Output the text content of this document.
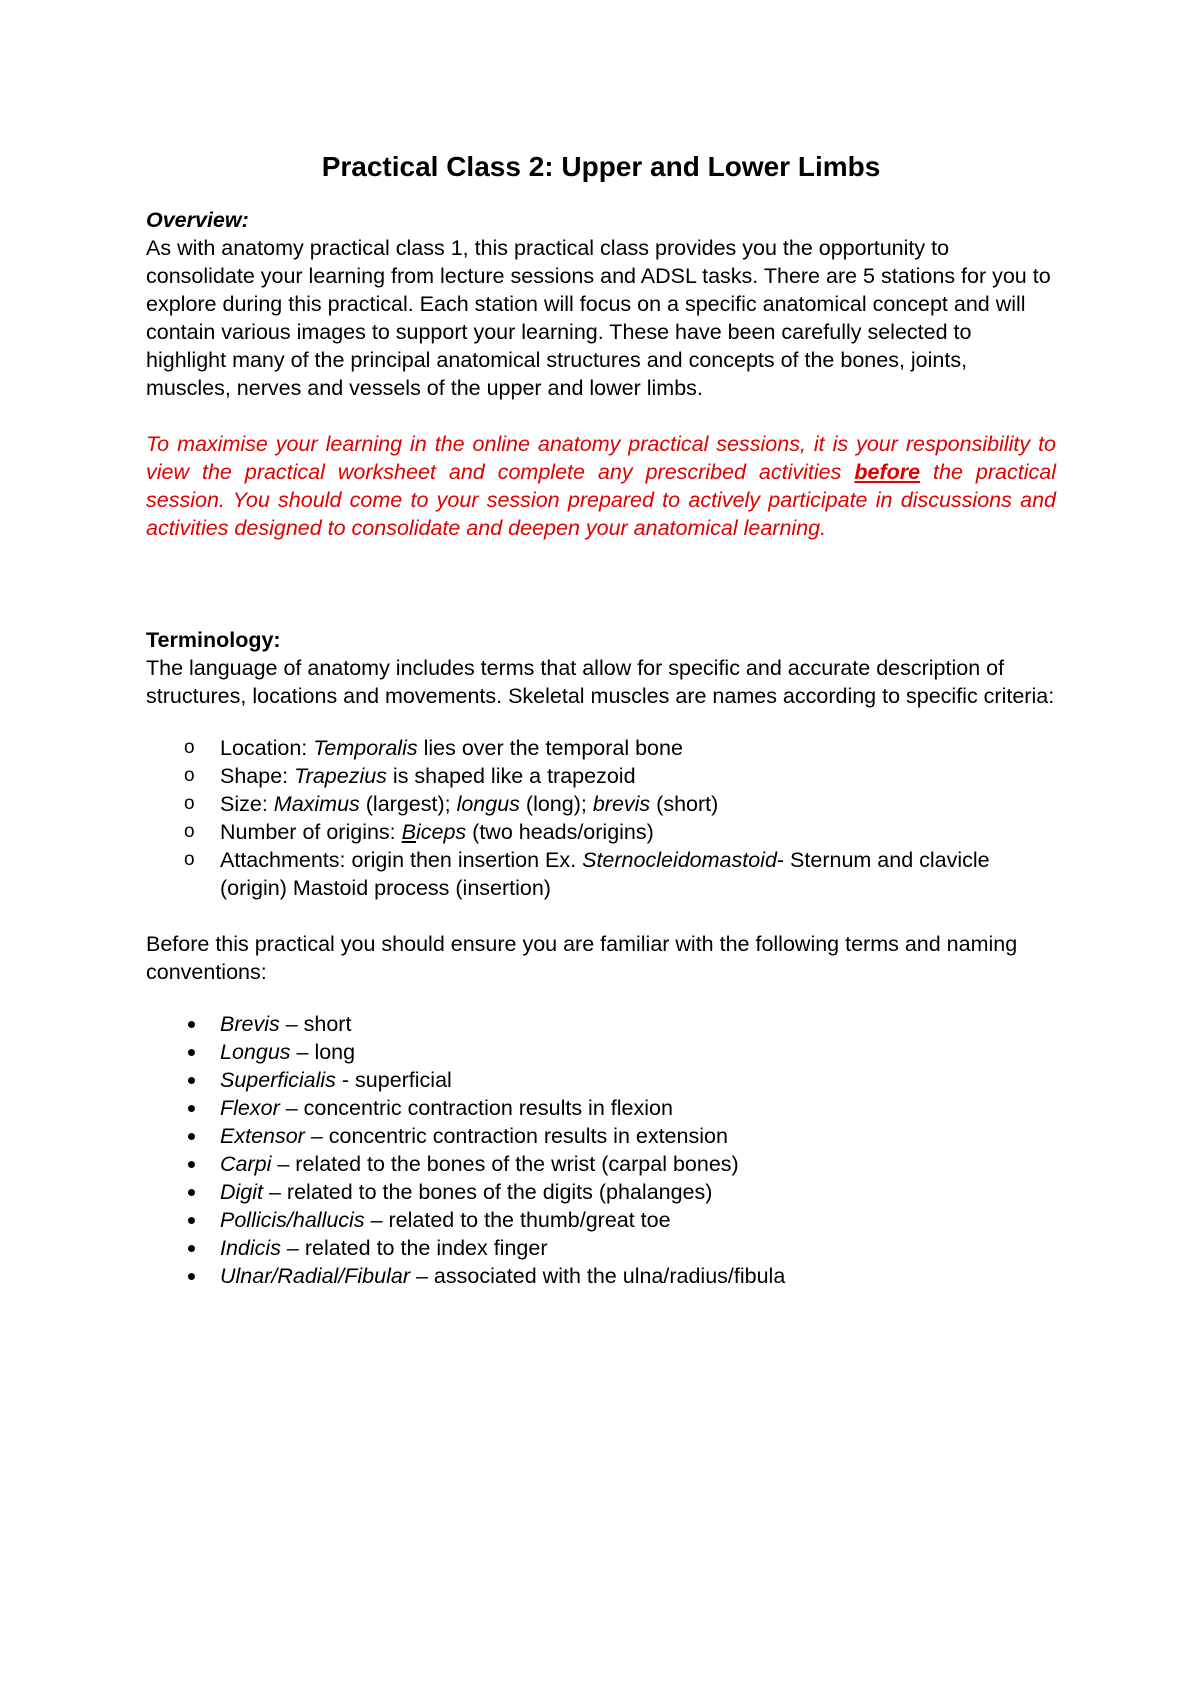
Practical Class 2: Upper and Lower Limbs

Overview:

As with anatomy practical class 1, this practical class provides you the opportunity to consolidate your learning from lecture sessions and ADSL tasks. There are 5 stations for you to explore during this practical. Each station will focus on a specific anatomical concept and will contain various images to support your learning. These have been carefully selected to highlight many of the principal anatomical structures and concepts of the bones, joints, muscles, nerves and vessels of the upper and lower limbs.

To maximise your learning in the online anatomy practical sessions, it is your responsibility to view the practical worksheet and complete any prescribed activities before the practical session. You should come to your session prepared to actively participate in discussions and activities designed to consolidate and deepen your anatomical learning.

Terminology:

The language of anatomy includes terms that allow for specific and accurate description of structures, locations and movements. Skeletal muscles are names according to specific criteria:

o Location: Temporalis lies over the temporal bone
o Shape: Trapezius is shaped like a trapezoid
o Size: Maximus (largest); longus (long); brevis (short)
o Number of origins: Biceps (two heads/origins)
o Attachments: origin then insertion Ex. Sternocleidomastoid- Sternum and clavicle (origin) Mastoid process (insertion)

Before this practical you should ensure you are familiar with the following terms and naming conventions:

Brevis – short
Longus – long
Superficialis - superficial
Flexor – concentric contraction results in flexion
Extensor – concentric contraction results in extension
Carpi – related to the bones of the wrist (carpal bones)
Digit – related to the bones of the digits (phalanges)
Pollicis/hallucis – related to the thumb/great toe
Indicis – related to the index finger
Ulnar/Radial/Fibular – associated with the ulna/radius/fibula
